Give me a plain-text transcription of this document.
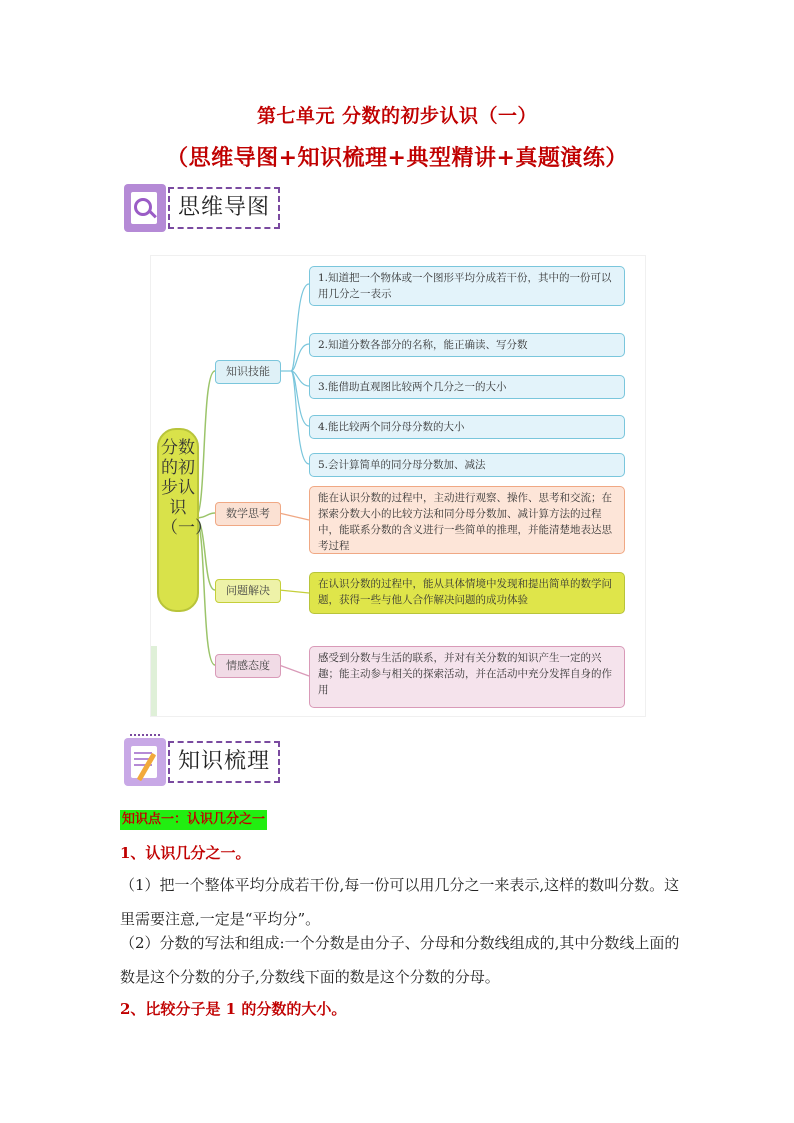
第七单元 分数的初步认识（一）
（思维导图+知识梳理+典型精讲+真题演练）
思维导图
分数的初步认识（一）
知识技能
数学思考
问题解决
情感态度
1.知道把一个物体或一个图形平均分成若干份，其中的一份可以用几分之一表示
2.知道分数各部分的名称，能正确读、写分数
3.能借助直观图比较两个几分之一的大小
4.能比较两个同分母分数的大小
5.会计算简单的同分母分数加、减法
能在认识分数的过程中，主动进行观察、操作、思考和交流；在探索分数大小的比较方法和同分母分数加、减计算方法的过程中，能联系分数的含义进行一些简单的推理，并能清楚地表达思考过程
在认识分数的过程中，能从具体情境中发现和提出简单的数学问题，获得一些与他人合作解决问题的成功体验
感受到分数与生活的联系，并对有关分数的知识产生一定的兴趣；能主动参与相关的探索活动，并在活动中充分发挥自身的作用
知识梳理
知识点一：认识几分之一
1、认识几分之一。
（1）把一个整体平均分成若干份,每一份可以用几分之一来表示,这样的数叫分数。这里需要注意,一定是“平均分”。
（2）分数的写法和组成:一个分数是由分子、分母和分数线组成的,其中分数线上面的数是这个分数的分子,分数线下面的数是这个分数的分母。
2、比较分子是 1 的分数的大小。
